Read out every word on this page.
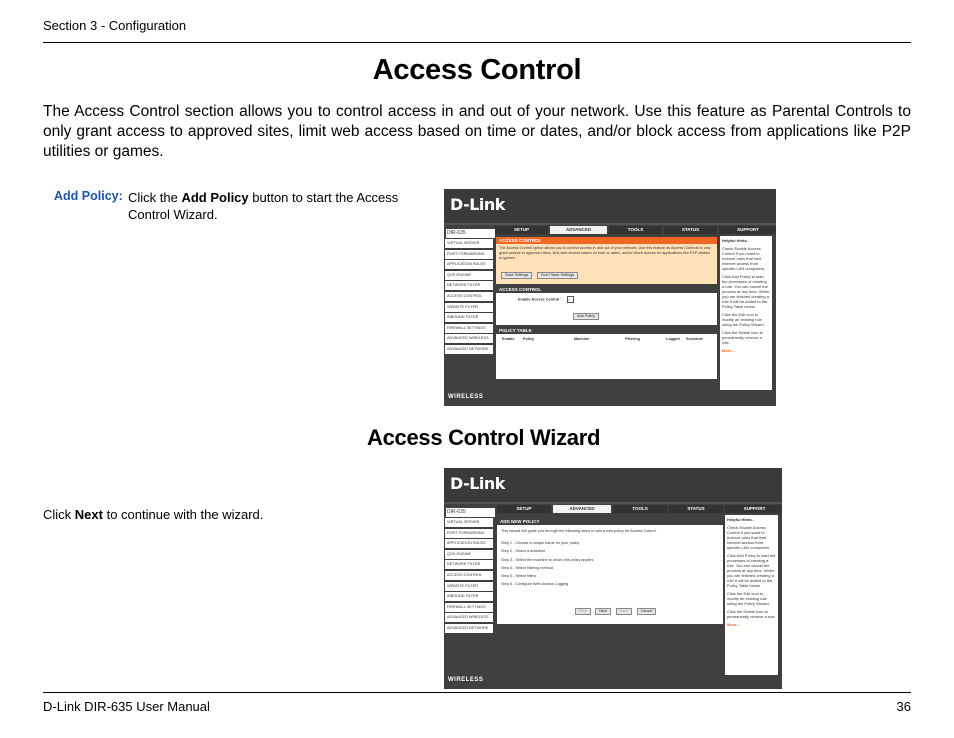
Section 3 - Configuration
Access Control
The Access Control section allows you to control access in and out of your network. Use this feature as Parental Controls to only grant access to approved sites, limit web access based on time or dates, and/or block access from applications like P2P utilities or games.
Add Policy: Click the Add Policy button to start the Access Control Wizard.
D-Link
DIR-635
SETUP	ADVANCED	TOOLS	STATUS	SUPPORT
VIRTUAL SERVER
PORT FORWARDING
APPLICATION RULES
QOS ENGINE
NETWORK FILTER
ACCESS CONTROL
WEBSITE FILTER
INBOUND FILTER
FIREWALL SETTINGS
ADVANCED WIRELESS
ADVANCED NETWORK
ACCESS CONTROL
The Access Control option allows you to control access in and out of your network. Use this feature as Access Controls to only grant access to approved sites, limit web access based on time or dates, and/or block access for applications like P2P utilities or games.
Save Settings	Don't Save Settings
ACCESS CONTROL
Enable Access Control : ✓
Add Policy
POLICY TABLE
Enable Policy	Machine	Filtering	Logged Schedule
Helpful Hints..
Check Enable Access Control if you want to enforce rules that limit Internet access from specific LAN computers.
Click Add Policy to start the processes of creating a rule. You can cancel the process at any time. When you are finished creating a rule it will be added to the Policy Table below.
Click the Edit icon to modify an existing rule using the Policy Wizard.
Click the Delete icon to permanently remove a rule.
More...
WIRELESS
Access Control Wizard
Click Next to continue with the wizard.
D-Link
DIR-635
SETUP	ADVANCED	TOOLS	STATUS	SUPPORT
VIRTUAL SERVER
PORT FORWARDING
APPLICATION RULES
QOS ENGINE
NETWORK FILTER
ACCESS CONTROL
WEBSITE FILTER
INBOUND FILTER
FIREWALL SETTINGS
ADVANCED WIRELESS
ADVANCED NETWORK
ADD NEW POLICY
This wizard will guide you through the following steps to add a new policy for Access Control.
Step 1 - Choose a unique name for your policy
Step 2 - Select a schedule
Step 3 - Select the machine to which this policy applies
Step 4 - Select filtering method
Step 5 - Select filters
Step 6 - Configure Web Access Logging
Prev	Next	Save	Cancel
Helpful Hints..
Check Enable Access Control if you want to enforce rules that limit Internet access from specific LAN computers.
Click Add Policy to start the processes of creating a rule. You can cancel the process at any time. When you are finished creating a rule it will be added to the Policy Table below.
Click the Edit icon to modify an existing rule using the Policy Wizard.
Click the Delete icon to permanently remove a rule.
More...
WIRELESS
D-Link DIR-635 User Manual	36
